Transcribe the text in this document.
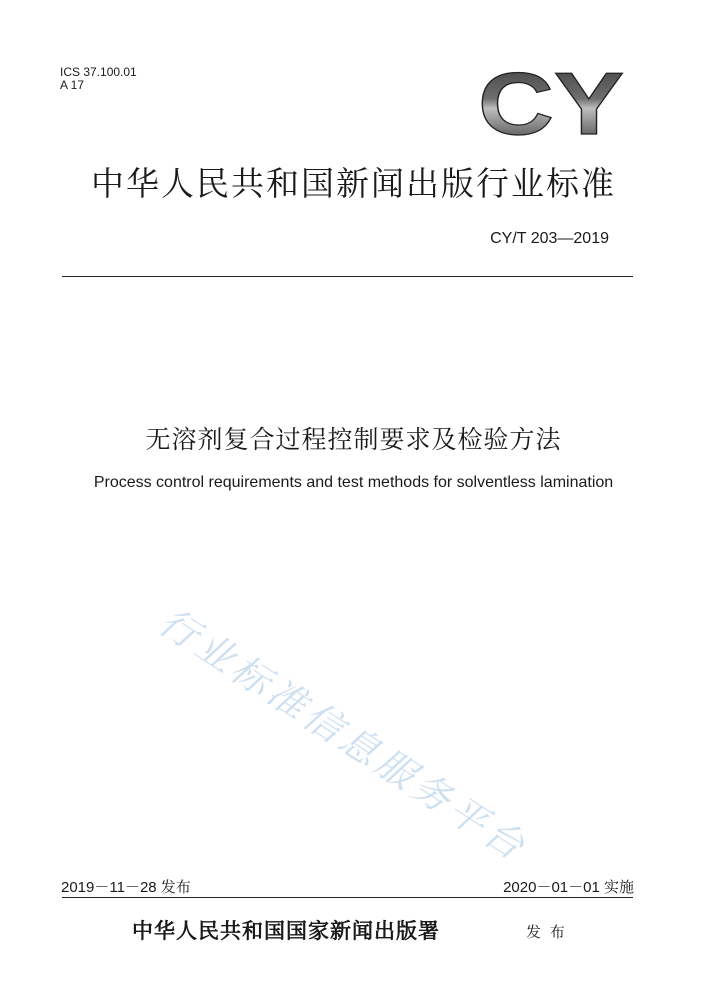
ICS 37.100.01
A 17	CY
中华人民共和国新闻出版行业标准
CY/T 203—2019
无溶剂复合过程控制要求及检验方法
Process control requirements and test methods for solventless lamination
行业标准信息服务平台
2019－11－28 发布	2020－01－01 实施
中华人民共和国国家新闻出版署	发 布
